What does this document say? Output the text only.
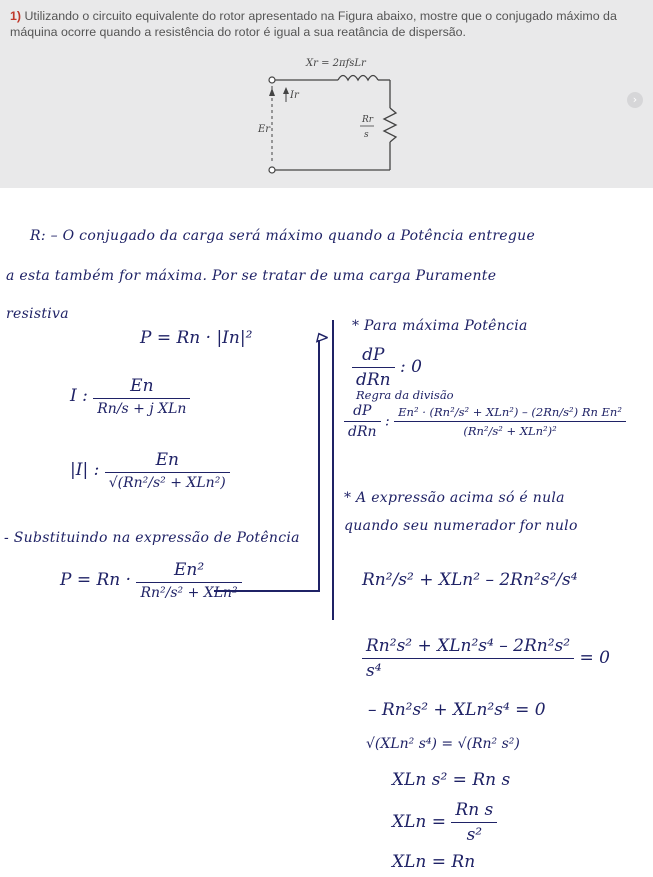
1) Utilizando o circuito equivalente do rotor apresentado na Figura abaixo, mostre que o conjugado máximo da máquina ocorre quando a resistência do rotor é igual a sua reatância de dispersão.
Xr = 2πfsLr
Ir
Er
Rr
s
›
R: – O conjugado da carga será máximo quando a Potência entregue
a esta também for máxima. Por se tratar de uma carga Puramente
resistiva
P = Rn · |In|²
I : $\frac{En}{\text{Rn/s + j XLn}}$
|I| : $\frac{En}{\text{√(Rn²/s² + XLn²)}}$
- Substituindo na expressão de Potência
$P = Rn \cdot \frac{\text{En²}}{\text{Rn²/s² + XLn²}}$
⊳
* Para máxima Potência
$\frac{dP}{\text{dRn}}$ : 0
Regra da divisão
$\frac{dP}{\text{dRn}}$ : $\frac{\text{En² · (Rn²/s² + XLn²) – (2Rn/s²) Rn En²}}{\text{(Rn²/s² + XLn²)²}}$
* A expressão acima só é nula
quando seu numerador for nulo
Rn²/s² + XLn² – 2Rn²s²/s⁴
$\frac{\text{Rn²s² + XLn²s⁴ – 2Rn²s²}}{\text{s⁴}} = 0$
– Rn²s² + XLn²s⁴ = 0
√(XLn² s⁴) = √(Rn² s²)
XLn s² = Rn s
XLn = $\frac{\text{Rn s}}{\text{s²}}$
XLn = Rn
